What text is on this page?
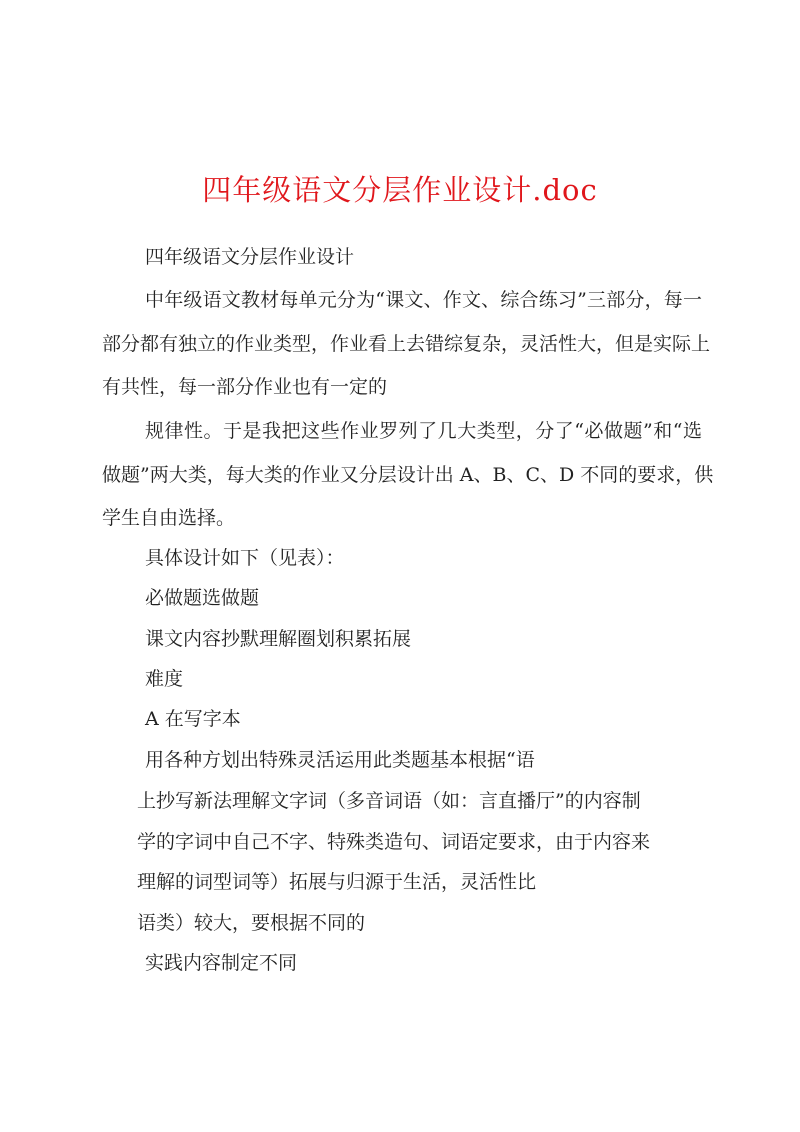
四年级语文分层作业设计.doc
四年级语文分层作业设计
中年级语文教材每单元分为“课文、作文、综合练习”三部分，每一
部分都有独立的作业类型，作业看上去错综复杂，灵活性大，但是实际上
有共性，每一部分作业也有一定的
规律性。于是我把这些作业罗列了几大类型，分了“必做题”和“选
做题”两大类，每大类的作业又分层设计出 A、B、C、D 不同的要求，供
学生自由选择。
具体设计如下（见表）：
必做题选做题
课文内容抄默理解圈划积累拓展
难度
A 在写字本
用各种方划出特殊灵活运用此类题基本根据“语
上抄写新法理解文字词（多音词语（如：言直播厅”的内容制
学的字词中自己不字、特殊类造句、词语定要求，由于内容来
理解的词型词等）拓展与归源于生活，灵活性比
语类）较大，要根据不同的
实践内容制定不同
